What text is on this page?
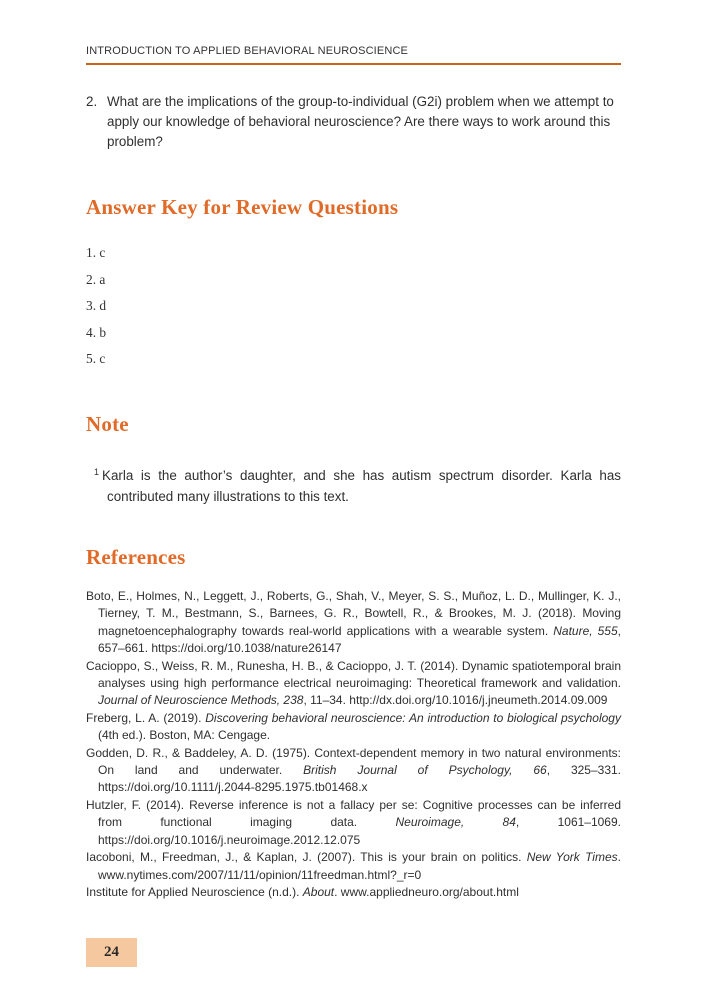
INTRODUCTION TO APPLIED BEHAVIORAL NEUROSCIENCE
2. What are the implications of the group-to-individual (G2i) problem when we attempt to apply our knowledge of behavioral neuroscience? Are there ways to work around this problem?
Answer Key for Review Questions
1. c
2. a
3. d
4. b
5. c
Note
$^1$ Karla is the author’s daughter, and she has autism spectrum disorder. Karla has contributed many illustrations to this text.
References

Boto, E., Holmes, N., Leggett, J., Roberts, G., Shah, V., Meyer, S. S., Muñoz, L. D., Mullinger, K. J., Tierney, T. M., Bestmann, S., Barnees, G. R., Bowtell, R., & Brookes, M. J. (2018). Moving magnetoencephalography towards real-world applications with a wearable system. Nature, 555, 657–661. https://doi.org/10.1038/nature26147

Cacioppo, S., Weiss, R. M., Runesha, H. B., & Cacioppo, J. T. (2014). Dynamic spatiotemporal brain analyses using high performance electrical neuroimaging: Theoretical framework and validation. Journal of Neuroscience Methods, 238, 11–34. http://dx.doi.org/10.1016/j.jneumeth.2014.09.009

Freberg, L. A. (2019). Discovering behavioral neuroscience: An introduction to biological psychology (4th ed.). Boston, MA: Cengage.

Godden, D. R., & Baddeley, A. D. (1975). Context-dependent memory in two natural environments: On land and underwater. British Journal of Psychology, 66, 325–331. https://doi.org/10.1111/j.2044-8295.1975.tb01468.x

Hutzler, F. (2014). Reverse inference is not a fallacy per se: Cognitive processes can be inferred from functional imaging data. Neuroimage, 84, 1061–1069. https://doi.org/10.1016/j.neuroimage.2012.12.075

Iacoboni, M., Freedman, J., & Kaplan, J. (2007). This is your brain on politics. New York Times. www.nytimes.com/2007/11/11/opinion/11freedman.html?_r=0

Institute for Applied Neuroscience (n.d.). About. www.appliedneuro.org/about.html

24
